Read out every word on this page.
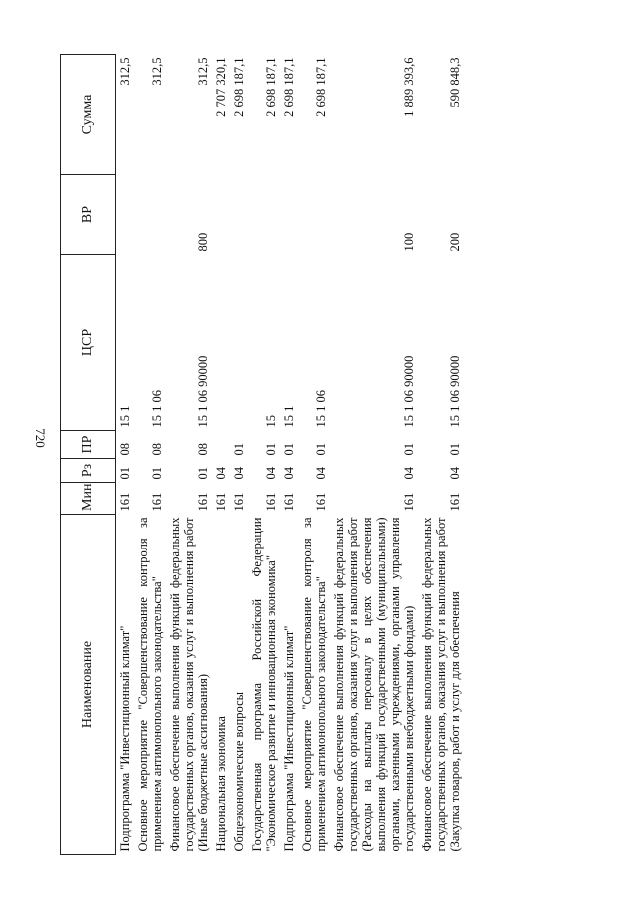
720
Наименование	Мин	Рз	ПР	ЦСР	ВР	Сумма
Подпрограмма "Инвестиционный климат"	161	01	08	15 1		312,5
Основное мероприятие "Совершенствование контроля за применением антимонопольного законодательства"	161	01	08	15 1 06		312,5
Финансовое обеспечение выполнения функций федеральных государственных органов, оказания услуг и выполнения работ (Иные бюджетные ассигнования)	161	01	08	15 1 06 90000	800	312,5
Национальная экономика	161	04				2 707 320,1
Общеэкономические вопросы	161	04	01			2 698 187,1
Государственная программа Российской Федерации "Экономическое развитие и инновационная экономика"	161	04	01	15		2 698 187,1
Подпрограмма "Инвестиционный климат"	161	04	01	15 1		2 698 187,1
Основное мероприятие "Совершенствование контроля за применением антимонопольного законодательства"	161	04	01	15 1 06		2 698 187,1
Финансовое обеспечение выполнения функций федеральных государственных органов, оказания услуг и выполнения работ (Расходы на выплаты персоналу в целях обеспечения выполнения функций государственными (муниципальными) органами, казенными учреждениями, органами управления государственными внебюджетными фондами)	161	04	01	15 1 06 90000	100	1 889 393,6
Финансовое обеспечение выполнения функций федеральных государственных органов, оказания услуг и выполнения работ (Закупка товаров, работ и услуг для обеспечения	161	04	01	15 1 06 90000	200	590 848,3
